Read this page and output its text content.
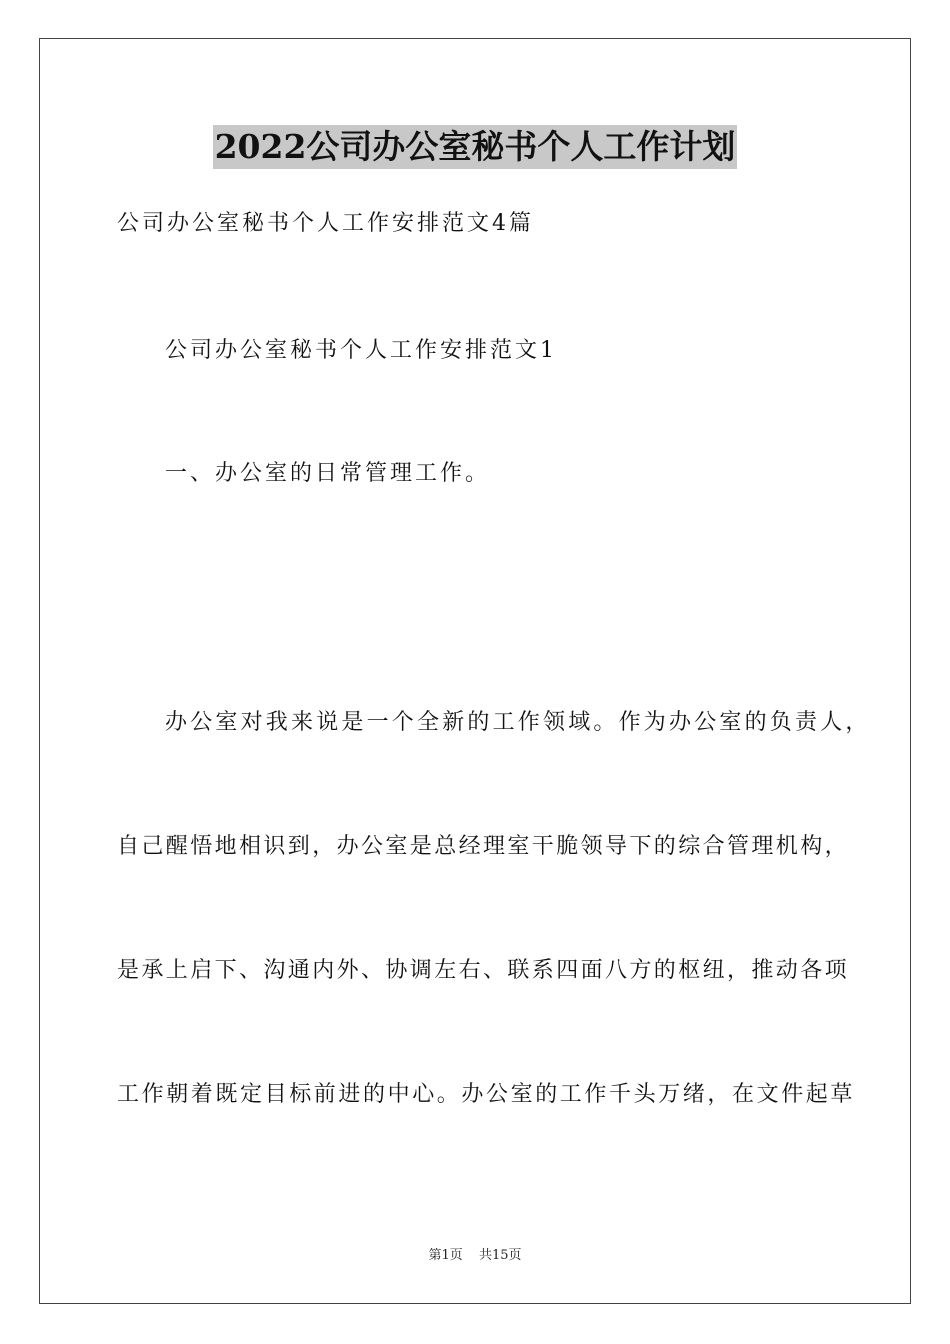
2022公司办公室秘书个人工作计划
公司办公室秘书个人工作安排范文4篇
公司办公室秘书个人工作安排范文1
一、办公室的日常管理工作。
办公室对我来说是一个全新的工作领域。作为办公室的负责人，
自己醒悟地相识到，办公室是总经理室干脆领导下的综合管理机构，
是承上启下、沟通内外、协调左右、联系四面八方的枢纽，推动各项
工作朝着既定目标前进的中心。办公室的工作千头万绪，在文件起草
第1页 共15页
